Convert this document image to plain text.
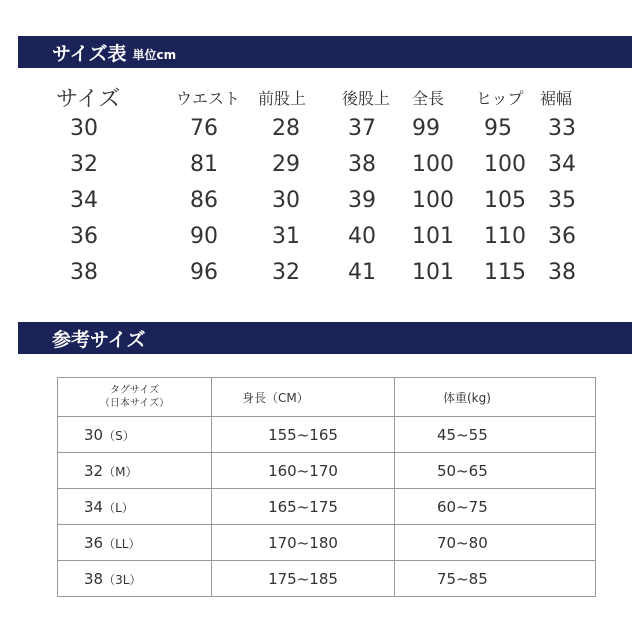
サイズ表 単位cm
サイズ	ウエスト 前股上 後股上 全長 ヒップ 裾幅
30	76 28 37 99 95 33
32	81 29 38 100 100 34
34	86 30 39 100 105 35
36	90 31 40 101 110 36
38	96 32 41 101 115 38
参考サイズ
タグサイズ
（日本サイズ）	身長（CM）	体重(kg)
30（S）	155~165	45~55
32（M）	160~170	50~65
34（L）	165~175	60~75
36（LL）	170~180	70~80
38（3L）	175~185	75~85
